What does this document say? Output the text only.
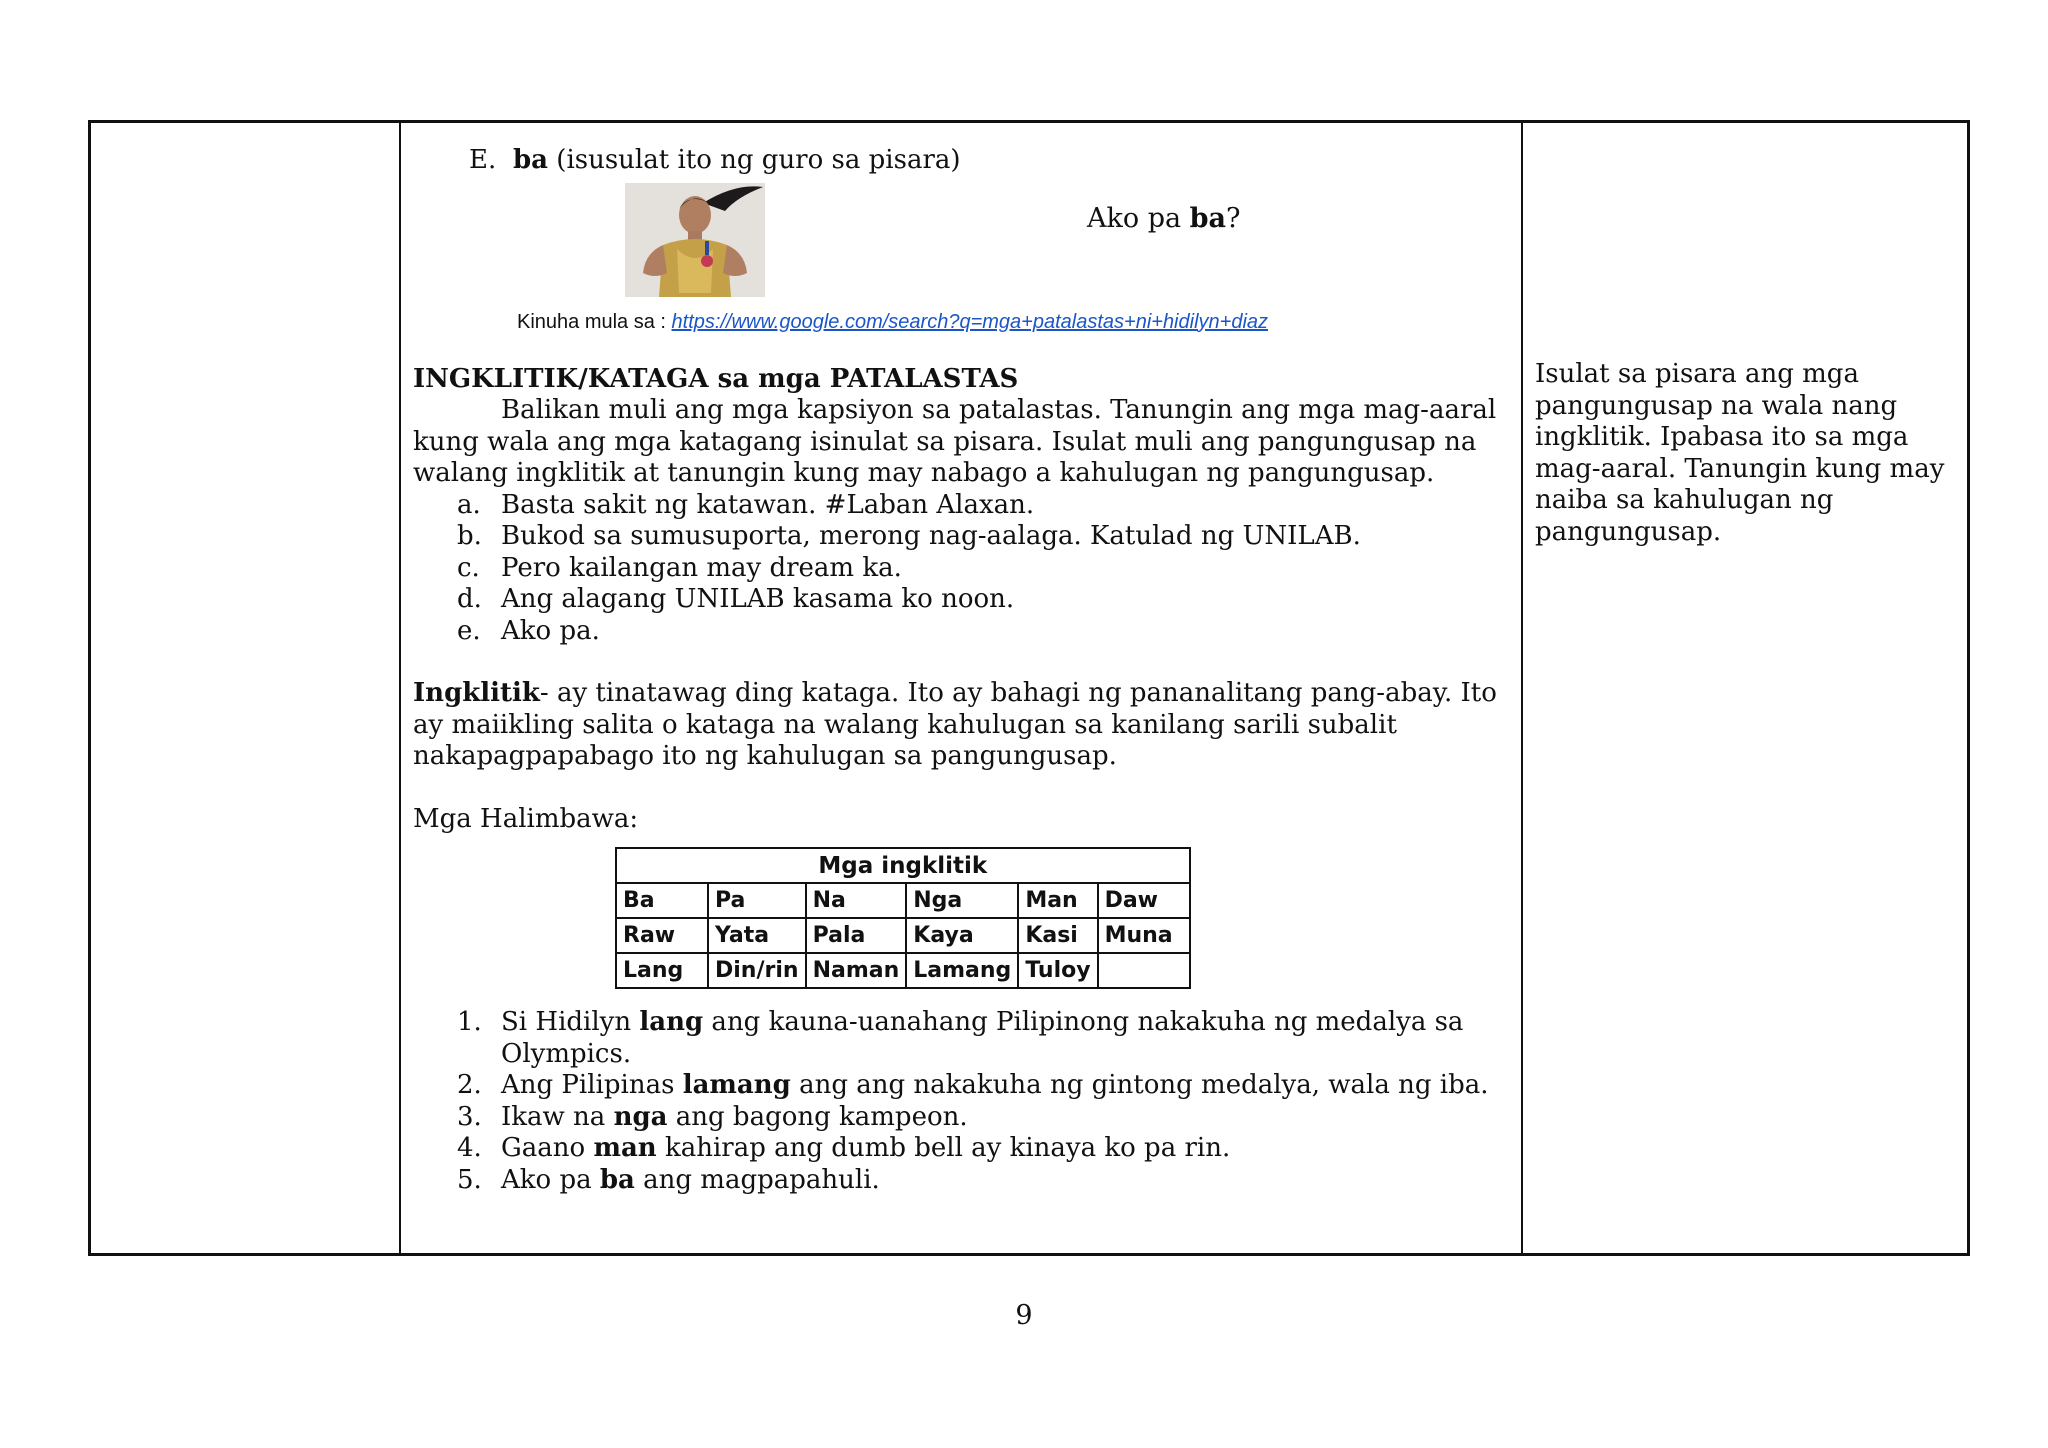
E. ba (isusulat ito ng guro sa pisara)
Ako pa ba?
Kinuha mula sa : https://www.google.com/search?q=mga+patalastas+ni+hidilyn+diaz
INGKLITIK/KATAGA sa mga PATALASTAS
Balikan muli ang mga kapsiyon sa patalastas. Tanungin ang mga mag-aaral kung wala ang mga katagang isinulat sa pisara. Isulat muli ang pangungusap na walang ingklitik at tanungin kung may nabago a kahulugan ng pangungusap.
a. Basta sakit ng katawan. #Laban Alaxan.
b. Bukod sa sumusuporta, merong nag-aalaga. Katulad ng UNILAB.
c. Pero kailangan may dream ka.
d. Ang alagang UNILAB kasama ko noon.
e. Ako pa.
Ingklitik- ay tinatawag ding kataga. Ito ay bahagi ng pananalitang pang-abay. Ito ay maiikling salita o kataga na walang kahulugan sa kanilang sarili subalit nakapagpapabago ito ng kahulugan sa pangungusap.
Mga Halimbawa:
Mga ingklitik					
Ba	Pa	Na	Nga	Man	Daw
Raw	Yata	Pala	Kaya	Kasi	Muna
Lang	Din/rin	Naman	Lamang	Tuloy	
1. Si Hidilyn lang ang kauna-uanahang Pilipinong nakakuha ng medalya sa Olympics.
2. Ang Pilipinas lamang ang ang nakakuha ng gintong medalya, wala ng iba.
3. Ikaw na nga ang bagong kampeon.
4. Gaano man kahirap ang dumb bell ay kinaya ko pa rin.
5. Ako pa ba ang magpapahuli.
Isulat sa pisara ang mga pangungusap na wala nang ingklitik. Ipabasa ito sa mga mag-aaral. Tanungin kung may naiba sa kahulugan ng pangungusap.
9
